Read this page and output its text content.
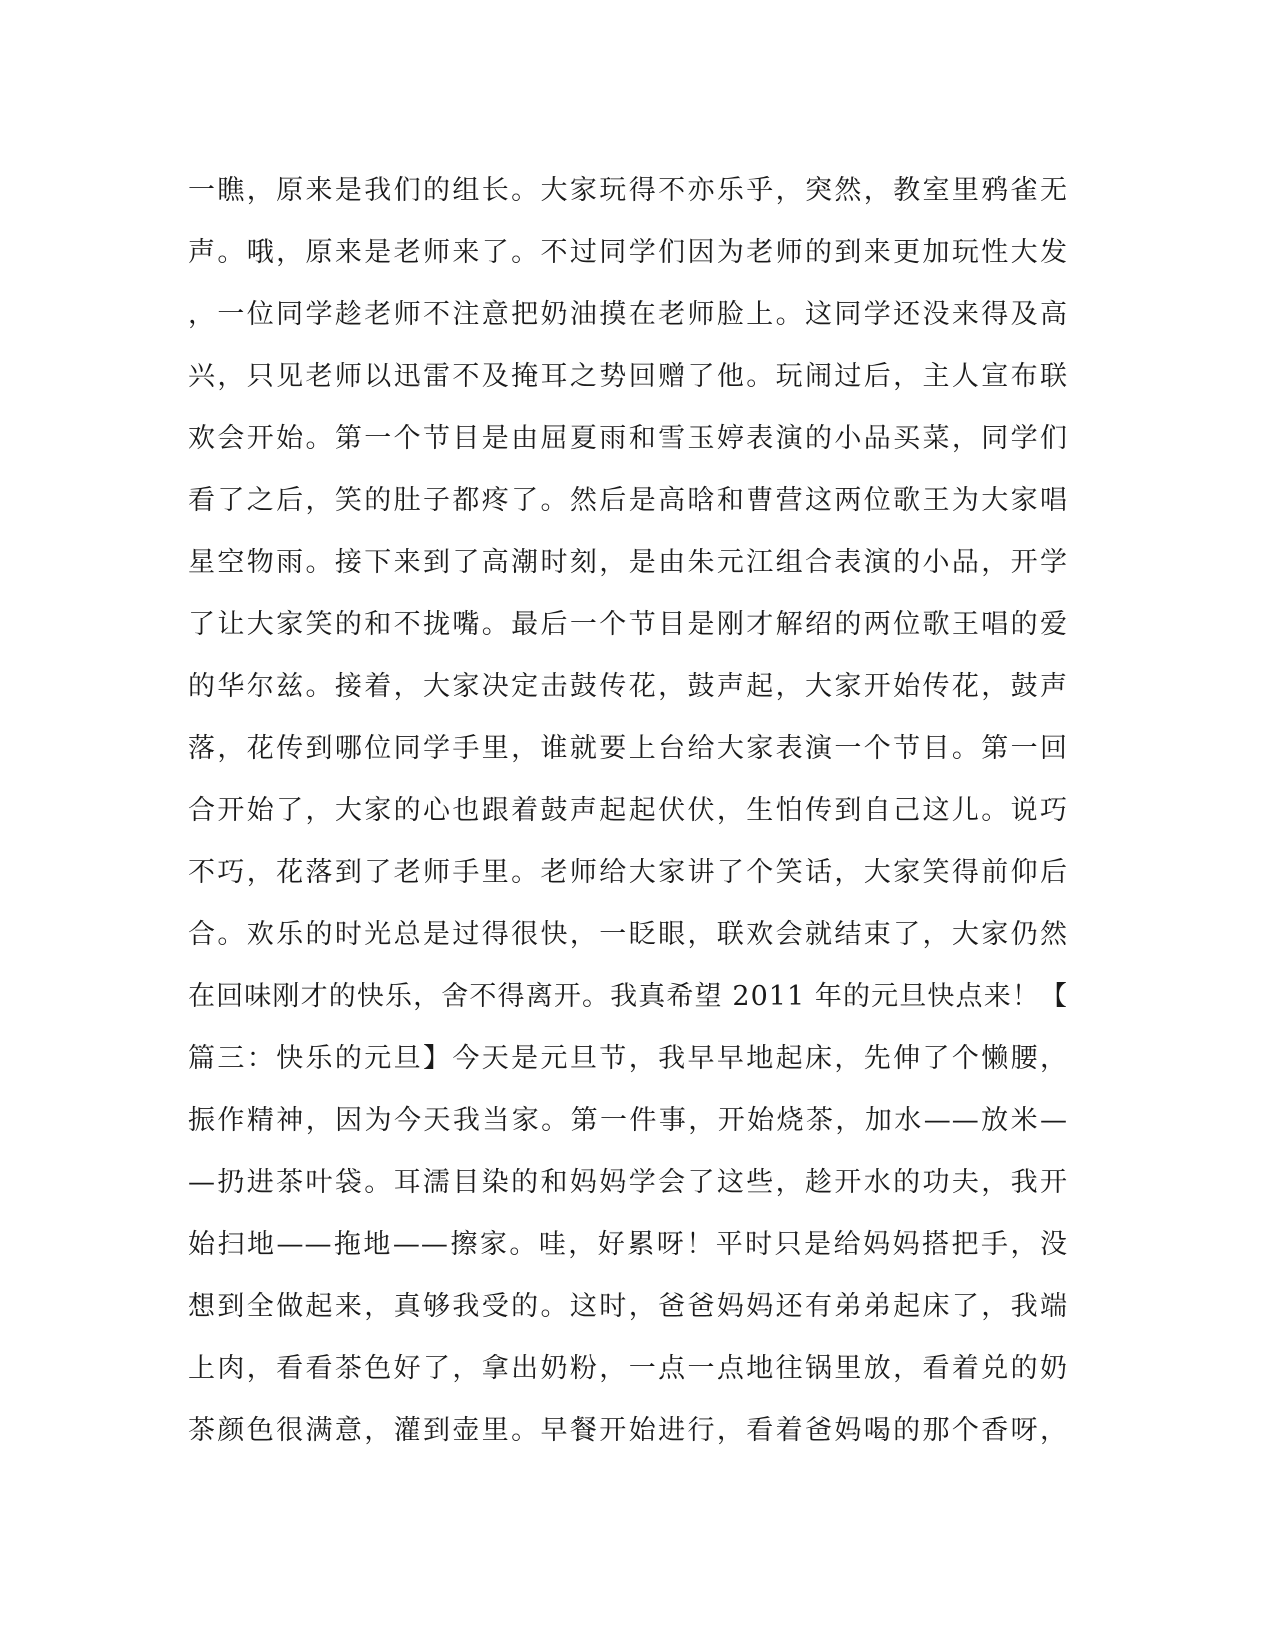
一瞧，原来是我们的组长。大家玩得不亦乐乎，突然，教室里鸦雀无
声。哦，原来是老师来了。不过同学们因为老师的到来更加玩性大发
，一位同学趁老师不注意把奶油摸在老师脸上。这同学还没来得及高
兴，只见老师以迅雷不及掩耳之势回赠了他。玩闹过后，主人宣布联
欢会开始。第一个节目是由屈夏雨和雪玉婷表演的小品买菜，同学们
看了之后，笑的肚子都疼了。然后是高晗和曹营这两位歌王为大家唱
星空物雨。接下来到了高潮时刻，是由朱元江组合表演的小品，开学
了让大家笑的和不拢嘴。最后一个节目是刚才解绍的两位歌王唱的爱
的华尔兹。接着，大家决定击鼓传花，鼓声起，大家开始传花，鼓声
落，花传到哪位同学手里，谁就要上台给大家表演一个节目。第一回
合开始了，大家的心也跟着鼓声起起伏伏，生怕传到自己这儿。说巧
不巧，花落到了老师手里。老师给大家讲了个笑话，大家笑得前仰后
合。欢乐的时光总是过得很快，一眨眼，联欢会就结束了，大家仍然
在回味刚才的快乐，舍不得离开。我真希望 2011 年的元旦快点来！【
篇三：快乐的元旦】今天是元旦节，我早早地起床，先伸了个懒腰，
振作精神，因为今天我当家。第一件事，开始烧茶，加水——放米—
—扔进茶叶袋。耳濡目染的和妈妈学会了这些，趁开水的功夫，我开
始扫地——拖地——擦家。哇，好累呀！平时只是给妈妈搭把手，没
想到全做起来，真够我受的。这时，爸爸妈妈还有弟弟起床了，我端
上肉，看看茶色好了，拿出奶粉，一点一点地往锅里放，看着兑的奶
茶颜色很满意，灌到壶里。早餐开始进行，看着爸妈喝的那个香呀，
